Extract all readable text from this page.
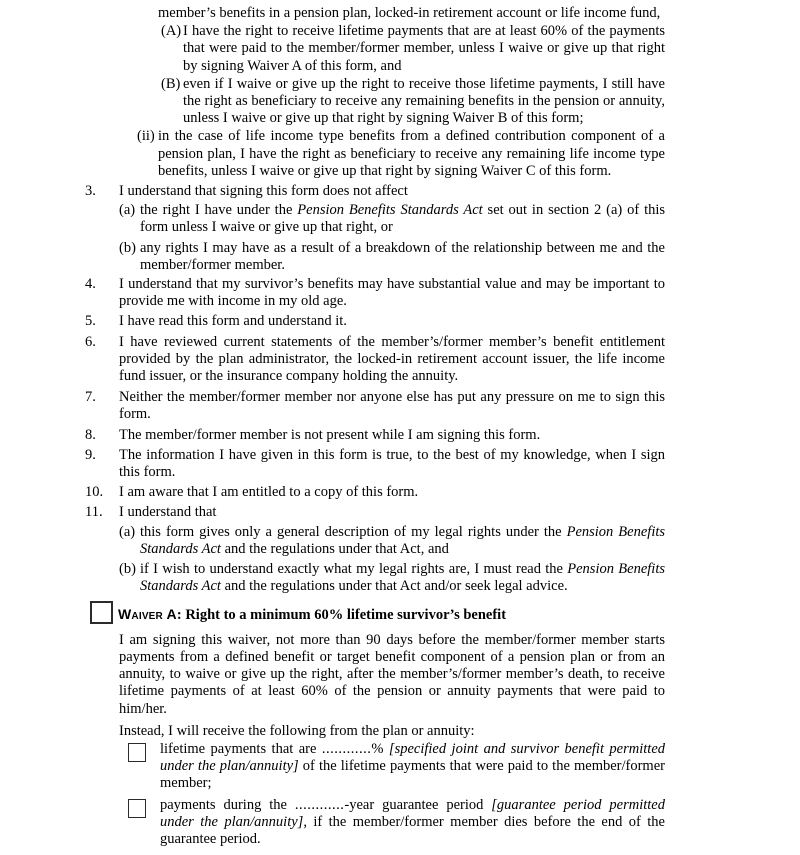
member’s benefits in a pension plan, locked-in retirement account or life income fund,
(A) I have the right to receive lifetime payments that are at least 60% of the payments that were paid to the member/former member, unless I waive or give up that right by signing Waiver A of this form, and
(B) even if I waive or give up the right to receive those lifetime payments, I still have the right as beneficiary to receive any remaining benefits in the pension or annuity, unless I waive or give up that right by signing Waiver B of this form;
(ii) in the case of life income type benefits from a defined contribution component of a pension plan, I have the right as beneficiary to receive any remaining life income type benefits, unless I waive or give up that right by signing Waiver C of this form.
3. I understand that signing this form does not affect
(a) the right I have under the Pension Benefits Standards Act set out in section 2 (a) of this form unless I waive or give up that right, or
(b) any rights I may have as a result of a breakdown of the relationship between me and the member/former member.
4. I understand that my survivor’s benefits may have substantial value and may be important to provide me with income in my old age.
5. I have read this form and understand it.
6. I have reviewed current statements of the member’s/former member’s benefit entitlement provided by the plan administrator, the locked-in retirement account issuer, the life income fund issuer, or the insurance company holding the annuity.
7. Neither the member/former member nor anyone else has put any pressure on me to sign this form.
8. The member/former member is not present while I am signing this form.
9. The information I have given in this form is true, to the best of my knowledge, when I sign this form.
10. I am aware that I am entitled to a copy of this form.
11. I understand that
(a) this form gives only a general description of my legal rights under the Pension Benefits Standards Act and the regulations under that Act, and
(b) if I wish to understand exactly what my legal rights are, I must read the Pension Benefits Standards Act and the regulations under that Act and/or seek legal advice.
Waiver A: Right to a minimum 60% lifetime survivor’s benefit
I am signing this waiver, not more than 90 days before the member/former member starts payments from a defined benefit or target benefit component of a pension plan or from an annuity, to waive or give up the right, after the member’s/former member’s death, to receive lifetime payments of at least 60% of the pension or annuity payments that were paid to him/her.
Instead, I will receive the following from the plan or annuity:
lifetime payments that are ............% [specified joint and survivor benefit permitted under the plan/annuity] of the lifetime payments that were paid to the member/former member;
payments during the ............-year guarantee period [guarantee period permitted under the plan/annuity], if the member/former member dies before the end of the guarantee period.
